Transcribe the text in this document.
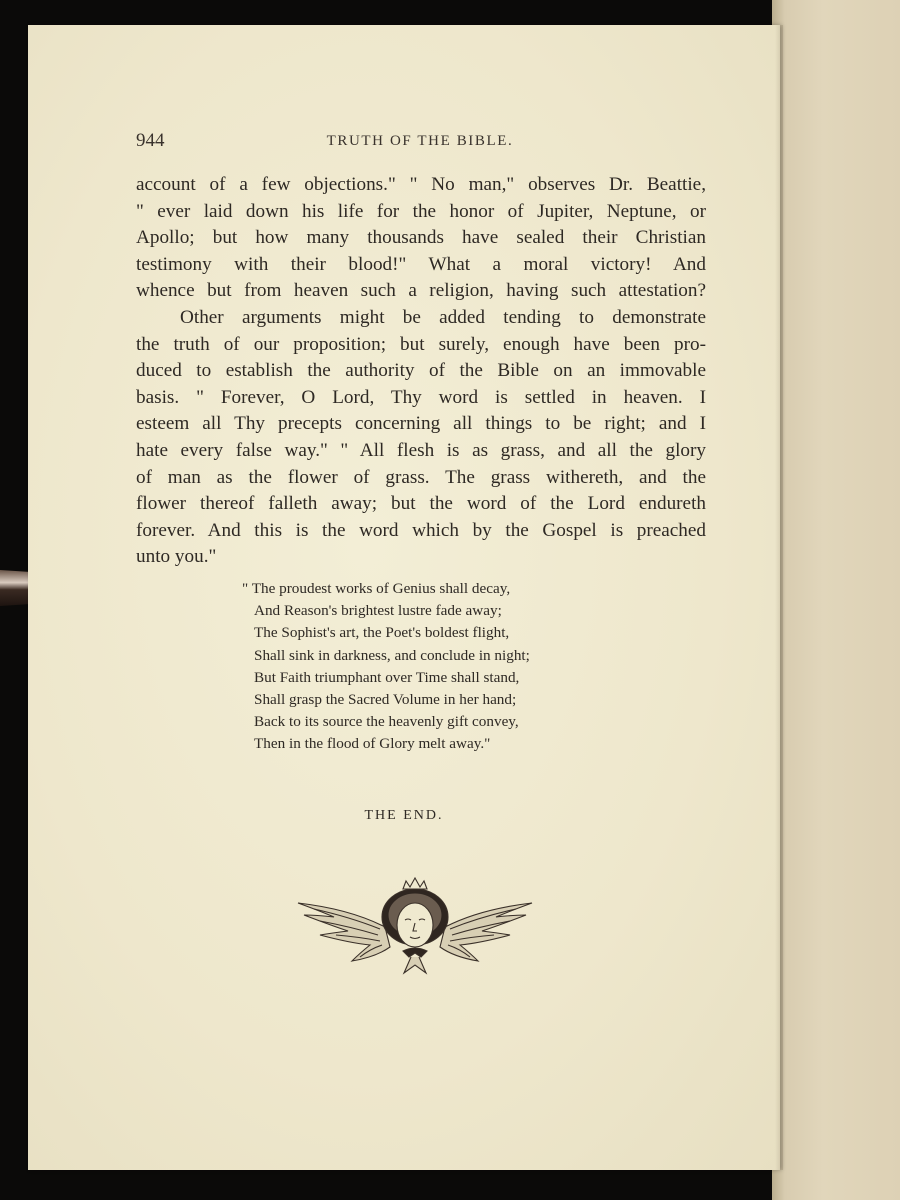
944	TRUTH OF THE BIBLE.
account of a few objections." " No man," observes Dr. Beattie,
" ever laid down his life for the honor of Jupiter, Neptune, or
Apollo; but how many thousands have sealed their Christian
testimony with their blood!" What a moral victory! And
whence but from heaven such a religion, having such attestation?
Other arguments might be added tending to demonstrate
the truth of our proposition; but surely, enough have been pro-
duced to establish the authority of the Bible on an immovable
basis. " Forever, O Lord, Thy word is settled in heaven. I
esteem all Thy precepts concerning all things to be right; and I
hate every false way." " All flesh is as grass, and all the glory
of man as the flower of grass. The grass withereth, and the
flower thereof falleth away; but the word of the Lord endureth
forever. And this is the word which by the Gospel is preached
unto you."
" The proudest works of Genius shall decay,
And Reason's brightest lustre fade away;
The Sophist's art, the Poet's boldest flight,
Shall sink in darkness, and conclude in night;
But Faith triumphant over Time shall stand,
Shall grasp the Sacred Volume in her hand;
Back to its source the heavenly gift convey,
Then in the flood of Glory melt away."
THE END.
